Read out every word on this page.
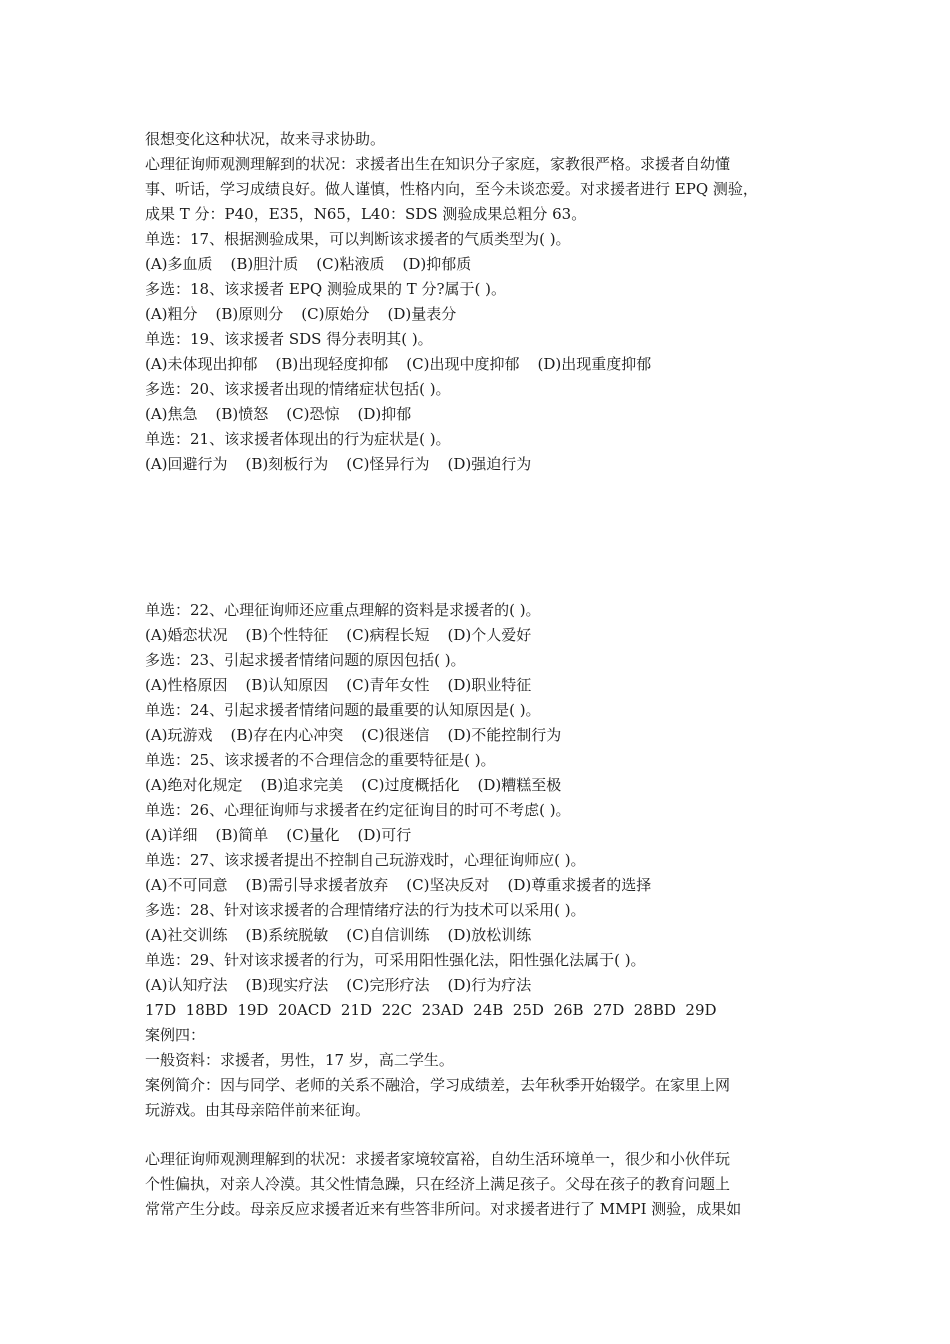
很想变化这种状况，故来寻求协助。
心理征询师观测理解到的状况：求援者出生在知识分子家庭，家教很严格。求援者自幼懂
事、听话，学习成绩良好。做人谨慎，性格内向，至今未谈恋爱。对求援者进行 EPQ 测验，
成果 T 分：P40，E35，N65，L40：SDS 测验成果总粗分 63。
单选：17、根据测验成果，可以判断该求援者的气质类型为( )。
(A)多血质 (B)胆汁质 (C)粘液质 (D)抑郁质
多选：18、该求援者 EPQ 测验成果的 T 分?属于( )。
(A)粗分 (B)原则分 (C)原始分 (D)量表分
单选：19、该求援者 SDS 得分表明其( )。
(A)未体现出抑郁 (B)出现轻度抑郁 (C)出现中度抑郁 (D)出现重度抑郁
多选：20、该求援者出现的情绪症状包括( )。
(A)焦急 (B)愤怒 (C)恐惊 (D)抑郁
单选：21、该求援者体现出的行为症状是( )。
(A)回避行为 (B)刻板行为 (C)怪异行为 (D)强迫行为
单选：22、心理征询师还应重点理解的资料是求援者的( )。
(A)婚恋状况 (B)个性特征 (C)病程长短 (D)个人爱好
多选：23、引起求援者情绪问题的原因包括( )。
(A)性格原因 (B)认知原因 (C)青年女性 (D)职业特征
单选：24、引起求援者情绪问题的最重要的认知原因是( )。
(A)玩游戏 (B)存在内心冲突 (C)很迷信 (D)不能控制行为
单选：25、该求援者的不合理信念的重要特征是( )。
(A)绝对化规定 (B)追求完美 (C)过度概括化 (D)糟糕至极
单选：26、心理征询师与求援者在约定征询目的时可不考虑( )。
(A)详细 (B)简单 (C)量化 (D)可行
单选：27、该求援者提出不控制自己玩游戏时，心理征询师应( )。
(A)不可同意 (B)需引导求援者放弃 (C)坚决反对 (D)尊重求援者的选择
多选：28、针对该求援者的合理情绪疗法的行为技术可以采用( )。
(A)社交训练 (B)系统脱敏 (C)自信训练 (D)放松训练
单选：29、针对该求援者的行为，可采用阳性强化法，阳性强化法属于( )。
(A)认知疗法 (B)现实疗法 (C)完形疗法 (D)行为疗法
17D  18BD  19D  20ACD  21D  22C  23AD  24B  25D  26B  27D  28BD  29D
案例四：
一般资料：求援者，男性，17 岁，高二学生。
案例简介：因与同学、老师的关系不融洽，学习成绩差，去年秋季开始辍学。在家里上网
玩游戏。由其母亲陪伴前来征询。
心理征询师观测理解到的状况：求援者家境较富裕，自幼生活环境单一，很少和小伙伴玩
个性偏执，对亲人冷漠。其父性情急躁，只在经济上满足孩子。父母在孩子的教育问题上
常常产生分歧。母亲反应求援者近来有些答非所问。对求援者进行了 MMPI 测验，成果如
